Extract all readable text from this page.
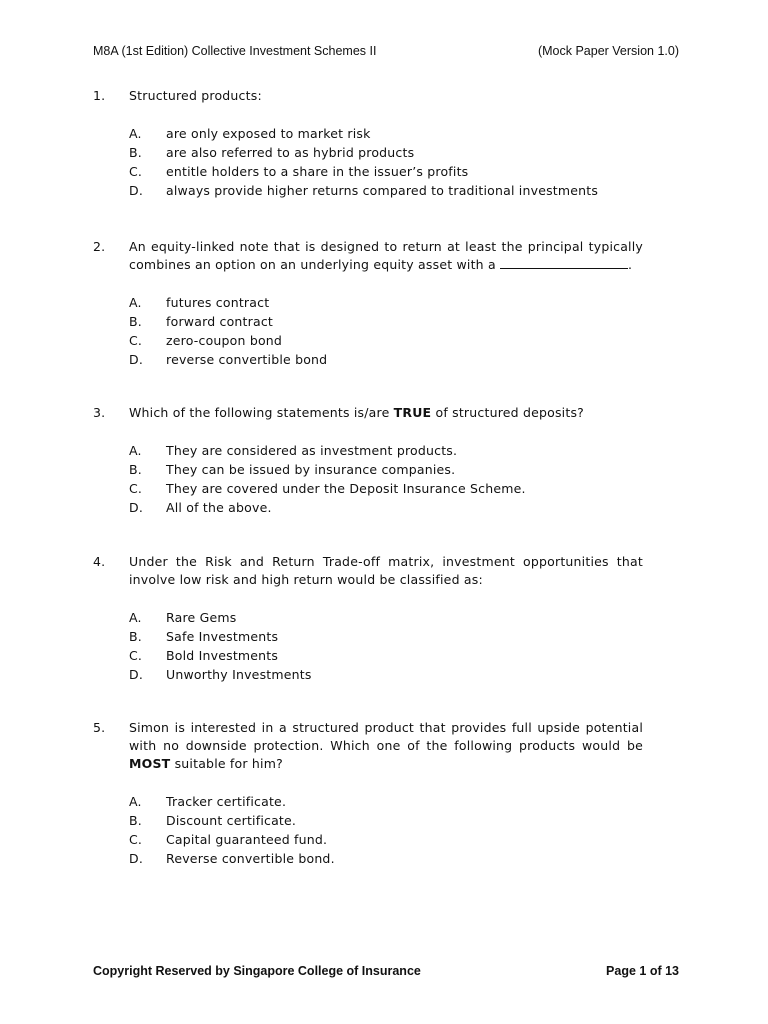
M8A (1st Edition) Collective Investment Schemes II	(Mock Paper Version 1.0)
1. Structured products:
A. are only exposed to market risk
B. are also referred to as hybrid products
C. entitle holders to a share in the issuer’s profits
D. always provide higher returns compared to traditional investments
2. An equity-linked note that is designed to return at least the principal typically combines an option on an underlying equity asset with a	.
A. futures contract
B. forward contract
C. zero-coupon bond
D. reverse convertible bond
3. Which of the following statements is/are TRUE of structured deposits?
A. They are considered as investment products.
B. They can be issued by insurance companies.
C. They are covered under the Deposit Insurance Scheme.
D. All of the above.
4. Under the Risk and Return Trade-off matrix, investment opportunities that involve low risk and high return would be classified as:
A. Rare Gems
B. Safe Investments
C. Bold Investments
D. Unworthy Investments
5. Simon is interested in a structured product that provides full upside potential with no downside protection. Which one of the following products would be MOST suitable for him?
A. Tracker certificate.
B. Discount certificate.
C. Capital guaranteed fund.
D. Reverse convertible bond.
Copyright Reserved by Singapore College of Insurance	Page 1 of 13
